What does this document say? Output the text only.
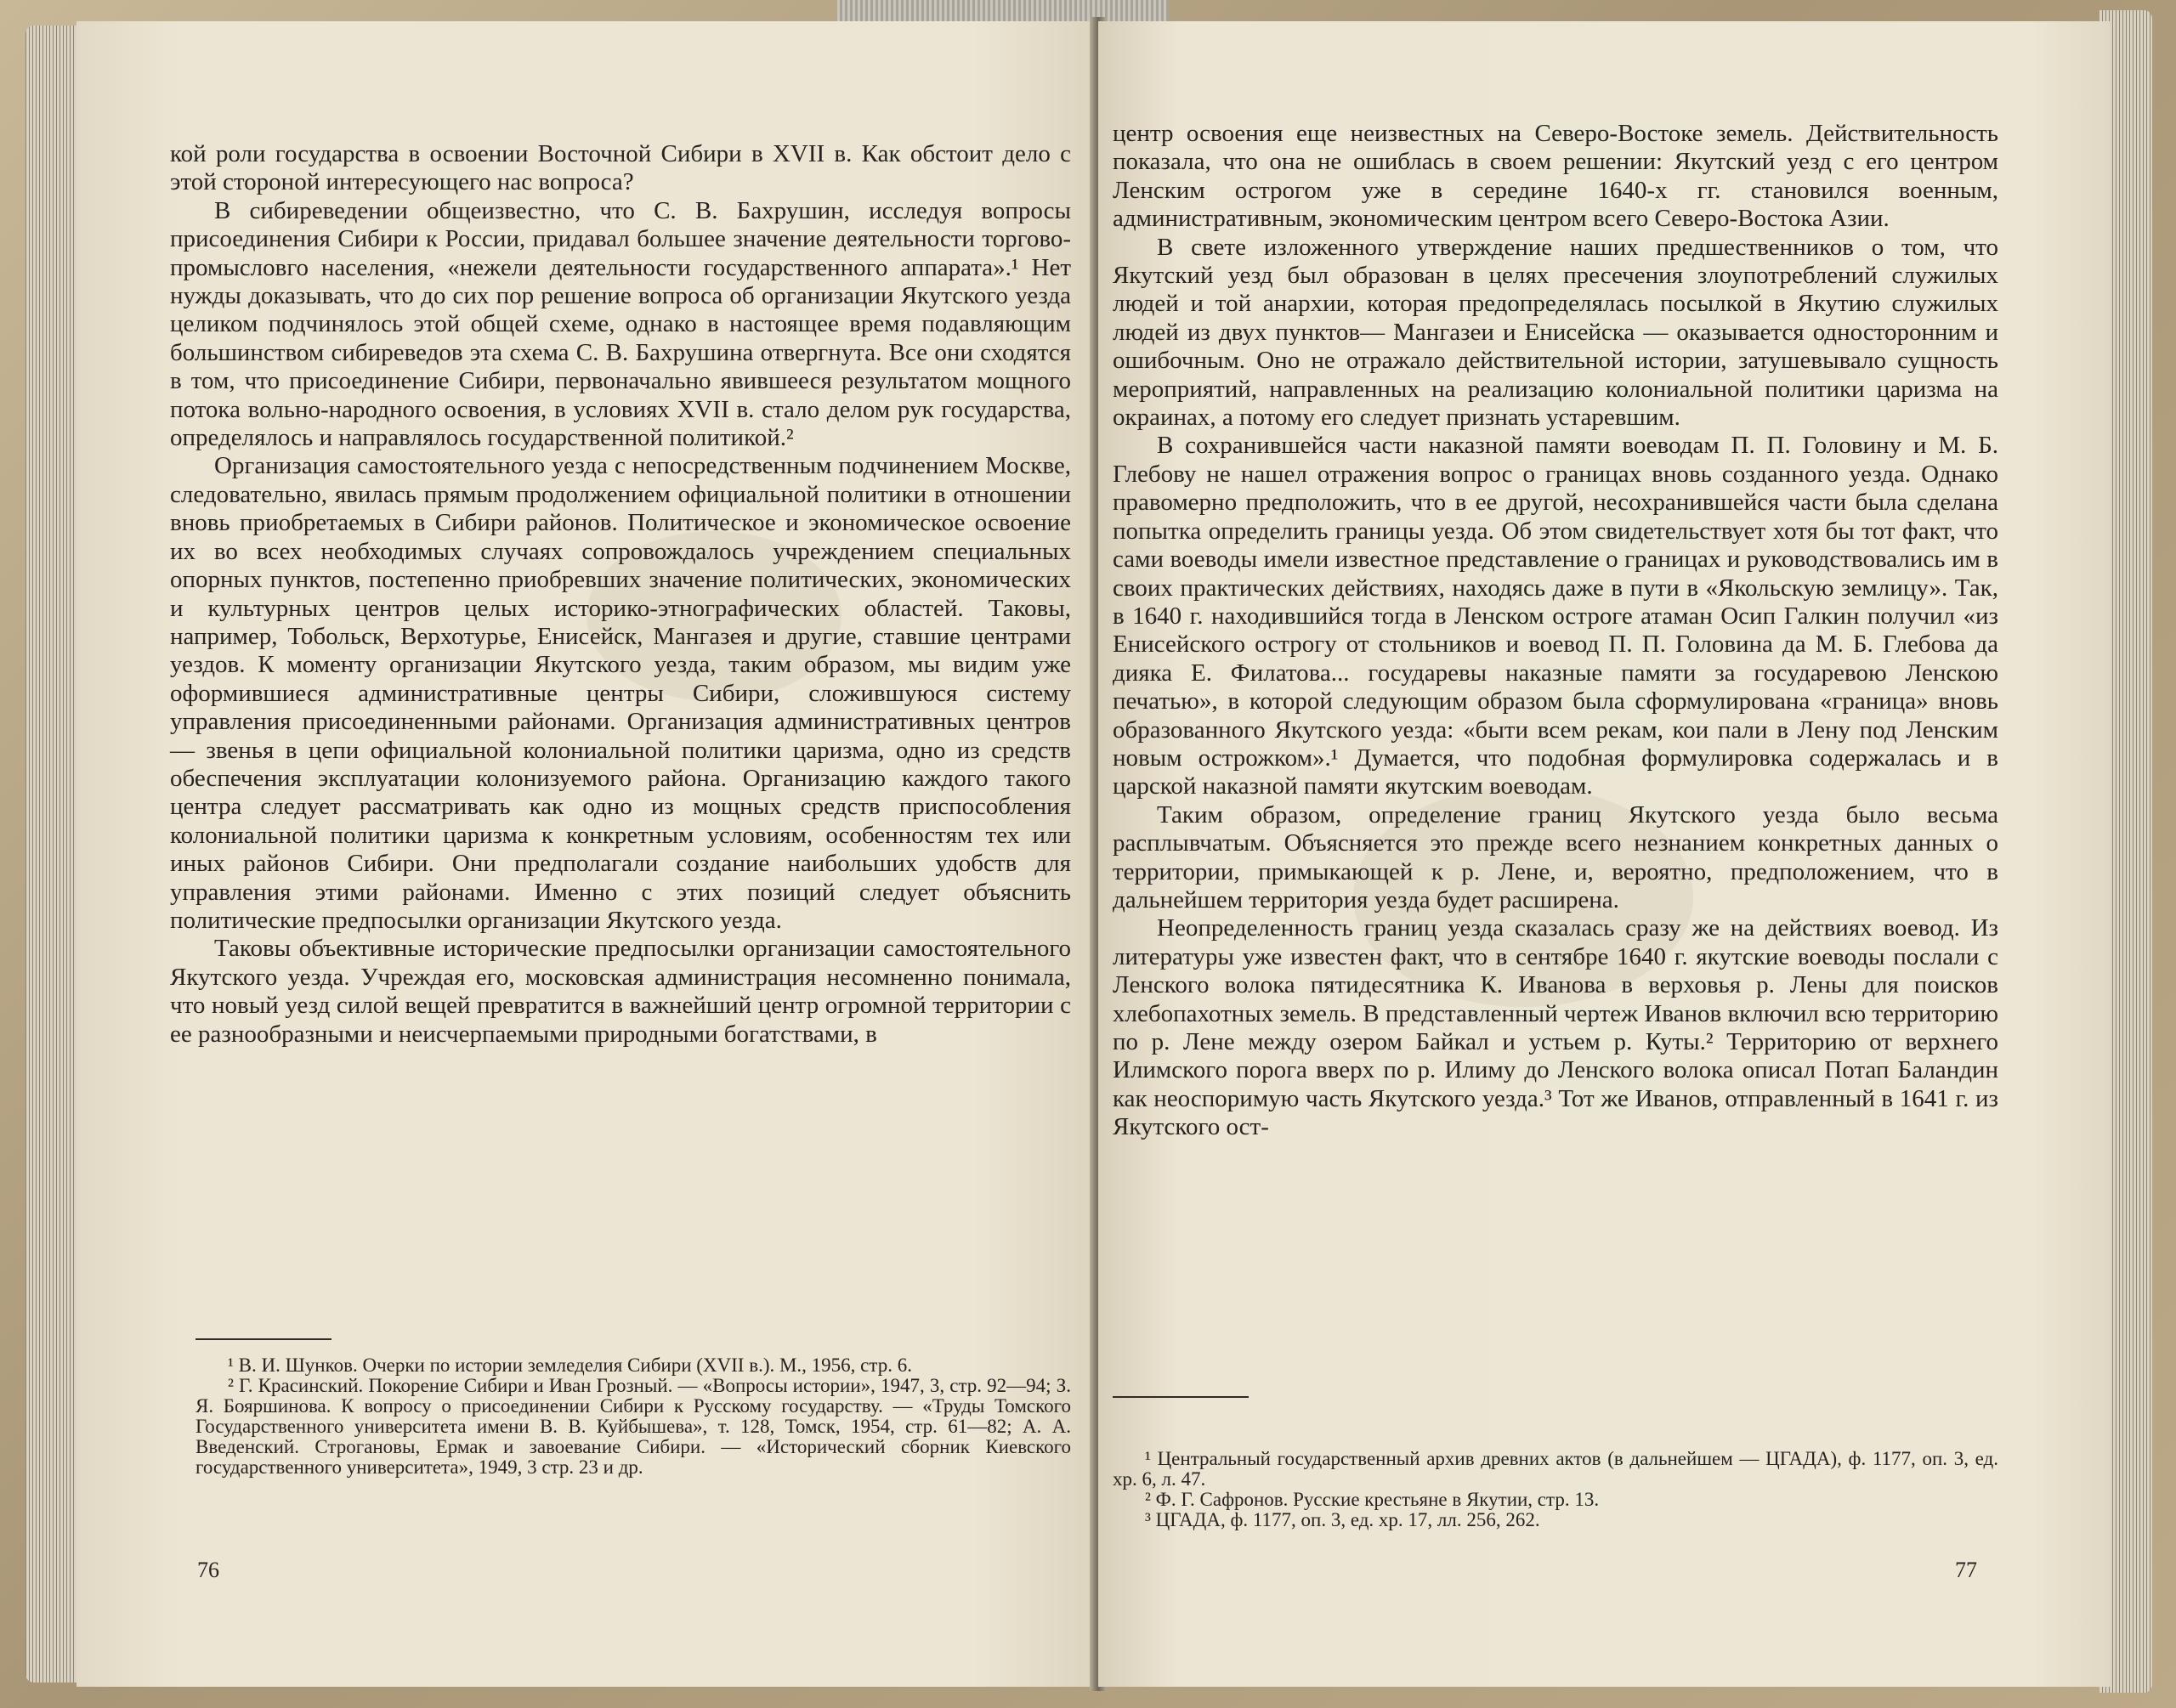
кой роли государства в освоении Восточной Сибири в XVII в. Как обстоит дело с этой стороной интересующего нас вопроса?

В сибиреведении общеизвестно, что С. В. Бахрушин, исследуя вопросы присоединения Сибири к России, придавал большее значение деятельности торгово-промысловго населения, «нежели деятельности государственного аппарата».¹ Нет нужды доказывать, что до сих пор решение вопроса об организации Якутского уезда целиком подчинялось этой общей схеме, однако в настоящее время подавляющим большинством сибиреведов эта схема С. В. Бахрушина отвергнута. Все они сходятся в том, что присоединение Сибири, первоначально явившееся результатом мощного потока вольно-народного освоения, в условиях XVII в. стало делом рук государства, определялось и направлялось государственной политикой.²

Организация самостоятельного уезда с непосредственным подчинением Москве, следовательно, явилась прямым продолжением официальной политики в отношении вновь приобретаемых в Сибири районов. Политическое и экономическое освоение их во всех необходимых случаях сопровождалось учреждением специальных опорных пунктов, постепенно приобревших значение политических, экономических и культурных центров целых историко-этнографических областей. Таковы, например, Тобольск, Верхотурье, Енисейск, Мангазея и другие, ставшие центрами уездов. К моменту организации Якутского уезда, таким образом, мы видим уже оформившиеся административные центры Сибири, сложившуюся систему управления присоединенными районами. Организация административных центров — звенья в цепи официальной колониальной политики царизма, одно из средств обеспечения эксплуатации колонизуемого района. Организацию каждого такого центра следует рассматривать как одно из мощных средств приспособления колониальной политики царизма к конкретным условиям, особенностям тех или иных районов Сибири. Они предполагали создание наибольших удобств для управления этими районами. Именно с этих позиций следует объяснить политические предпосылки организации Якутского уезда.

Таковы объективные исторические предпосылки организации самостоятельного Якутского уезда. Учреждая его, московская администрация несомненно понимала, что новый уезд силой вещей превратится в важнейший центр огромной территории с ее разнообразными и неисчерпаемыми природными богатствами, в

¹ В. И. Шунков. Очерки по истории земледелия Сибири (XVII в.). М., 1956, стр. 6.

² Г. Красинский. Покорение Сибири и Иван Грозный. — «Вопросы истории», 1947, 3, стр. 92—94; З. Я. Бояршинова. К вопросу о присоединении Сибири к Русскому государству. — «Труды Томского Государственного университета имени В. В. Куйбышева», т. 128, Томск, 1954, стр. 61—82; А. А. Введенский. Строгановы, Ермак и завоевание Сибири. — «Исторический сборник Киевского государственного университета», 1949, 3 стр. 23 и др.

76

центр освоения еще неизвестных на Северо-Востоке земель. Действительность показала, что она не ошиблась в своем решении: Якутский уезд с его центром Ленским острогом уже в середине 1640-х гг. становился военным, административным, экономическим центром всего Северо-Востока Азии.

В свете изложенного утверждение наших предшественников о том, что Якутский уезд был образован в целях пресечения злоупотреблений служилых людей и той анархии, которая предопределялась посылкой в Якутию служилых людей из двух пунктов— Мангазеи и Енисейска — оказывается односторонним и ошибочным. Оно не отражало действительной истории, затушевывало сущность мероприятий, направленных на реализацию колониальной политики царизма на окраинах, а потому его следует признать устаревшим.

В сохранившейся части наказной памяти воеводам П. П. Головину и М. Б. Глебову не нашел отражения вопрос о границах вновь созданного уезда. Однако правомерно предположить, что в ее другой, несохранившейся части была сделана попытка определить границы уезда. Об этом свидетельствует хотя бы тот факт, что сами воеводы имели известное представление о границах и руководствовались им в своих практических действиях, находясь даже в пути в «Якольскую землицу». Так, в 1640 г. находившийся тогда в Ленском остроге атаман Осип Галкин получил «из Енисейского острогу от стольников и воевод П. П. Головина да М. Б. Глебова да дияка Е. Филатова... государевы наказные памяти за государевою Ленскою печатью», в которой следующим образом была сформулирована «граница» вновь образованного Якутского уезда: «быти всем рекам, кои пали в Лену под Ленским новым острожком».¹ Думается, что подобная формулировка содержалась и в царской наказной памяти якутским воеводам.

Таким образом, определение границ Якутского уезда было весьма расплывчатым. Объясняется это прежде всего незнанием конкретных данных о территории, примыкающей к р. Лене, и, вероятно, предположением, что в дальнейшем территория уезда будет расширена.

Неопределенность границ уезда сказалась сразу же на действиях воевод. Из литературы уже известен факт, что в сентябре 1640 г. якутские воеводы послали с Ленского волока пятидесятника К. Иванова в верховья р. Лены для поисков хлебопахотных земель. В представленный чертеж Иванов включил всю территорию по р. Лене между озером Байкал и устьем р. Куты.² Территорию от верхнего Илимского порога вверх по р. Илиму до Ленского волока описал Потап Баландин как неоспоримую часть Якутского уезда.³ Тот же Иванов, отправленный в 1641 г. из Якутского ост-

¹ Центральный государственный архив древних актов (в дальнейшем — ЦГАДА), ф. 1177, оп. 3, ед. хр. 6, л. 47.

² Ф. Г. Сафронов. Русские крестьяне в Якутии, стр. 13.

³ ЦГАДА, ф. 1177, оп. 3, ед. хр. 17, лл. 256, 262.

77
